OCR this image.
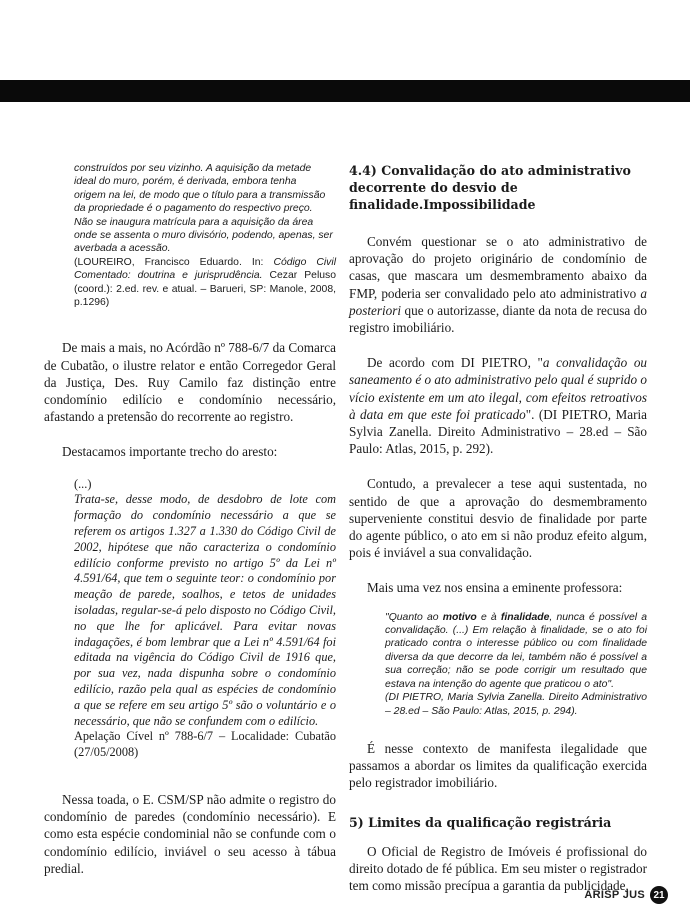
construídos por seu vizinho. A aquisição da metade
ideal do muro, porém, é derivada, embora tenha
origem na lei, de modo que o título para a transmissão
da propriedade é o pagamento do respectivo preço.
Não se inaugura matrícula para a aquisição da área
onde se assenta o muro divisório, podendo, apenas, ser
averbada a acessão.

(LOUREIRO, Francisco Eduardo. In: Código Civil Comentado: doutrina e jurisprudência. Cezar Peluso (coord.): 2.ed. rev. e atual. – Barueri, SP: Manole, 2008, p.1296)

De mais a mais, no Acórdão nº 788-6/7 da Comarca de Cubatão, o ilustre relator e então Corregedor Geral da Justiça, Des. Ruy Camilo faz distinção entre condomínio edilício e condomínio necessário, afastando a pretensão do recorrente ao registro.

Destacamos importante trecho do aresto:

(...)

Trata-se, desse modo, de desdobro de lote com formação do condomínio necessário a que se referem os artigos 1.327 a 1.330 do Código Civil de 2002, hipótese que não caracteriza o condomínio edilício conforme previsto no artigo 5º da Lei nº 4.591/64, que tem o seguinte teor: o condomínio por meação de parede, soalhos, e tetos de unidades isoladas, regular-se-á pelo disposto no Código Civil, no que lhe for aplicável. Para evitar novas indagações, é bom lembrar que a Lei nº 4.591/64 foi editada na vigência do Código Civil de 1916 que, por sua vez, nada dispunha sobre o condomínio edilício, razão pela qual as espécies de condomínio a que se refere em seu artigo 5º são o voluntário e o necessário, que não se confundem com o edilício.

Apelação Cível nº 788-6/7 – Localidade: Cubatão (27/05/2008)

Nessa toada, o E. CSM/SP não admite o registro do condomínio de paredes (condomínio necessário). E como esta espécie condominial não se confunde com o condomínio edilício, inviável o seu acesso à tábua predial.

4.4) Convalidação do ato administrativo decorrente do desvio de finalidade.Impossibilidade

Convém questionar se o ato administrativo de aprovação do projeto originário de condomínio de casas, que mascara um desmembramento abaixo da FMP, poderia ser convalidado pelo ato administrativo a posteriori que o autorizasse, diante da nota de recusa do registro imobiliário.

De acordo com DI PIETRO, "a convalidação ou saneamento é o ato administrativo pelo qual é suprido o vício existente em um ato ilegal, com efeitos retroativos à data em que este foi praticado". (DI PIETRO, Maria Sylvia Zanella. Direito Administrativo – 28.ed – São Paulo: Atlas, 2015, p. 292).

Contudo, a prevalecer a tese aqui sustentada, no sentido de que a aprovação do desmembramento superveniente constitui desvio de finalidade por parte do agente público, o ato em si não produz efeito algum, pois é inviável a sua convalidação.

Mais uma vez nos ensina a eminente professora:

"Quanto ao motivo e à finalidade, nunca é possível a convalidação. (...) Em relação à finalidade, se o ato foi praticado contra o interesse público ou com finalidade diversa da que decorre da lei, também não é possível a sua correção; não se pode corrigir um resultado que estava na intenção do agente que praticou o ato".

(DI PIETRO, Maria Sylvia Zanella. Direito Administrativo – 28.ed – São Paulo: Atlas, 2015, p. 294).

É nesse contexto de manifesta ilegalidade que passamos a abordar os limites da qualificação exercida pelo registrador imobiliário.

5) Limites da qualificação registrária

O Oficial de Registro de Imóveis é profissional do direito dotado de fé pública. Em seu mister o registrador tem como missão precípua a garantia da publicidade,

ARISP JUS 21
